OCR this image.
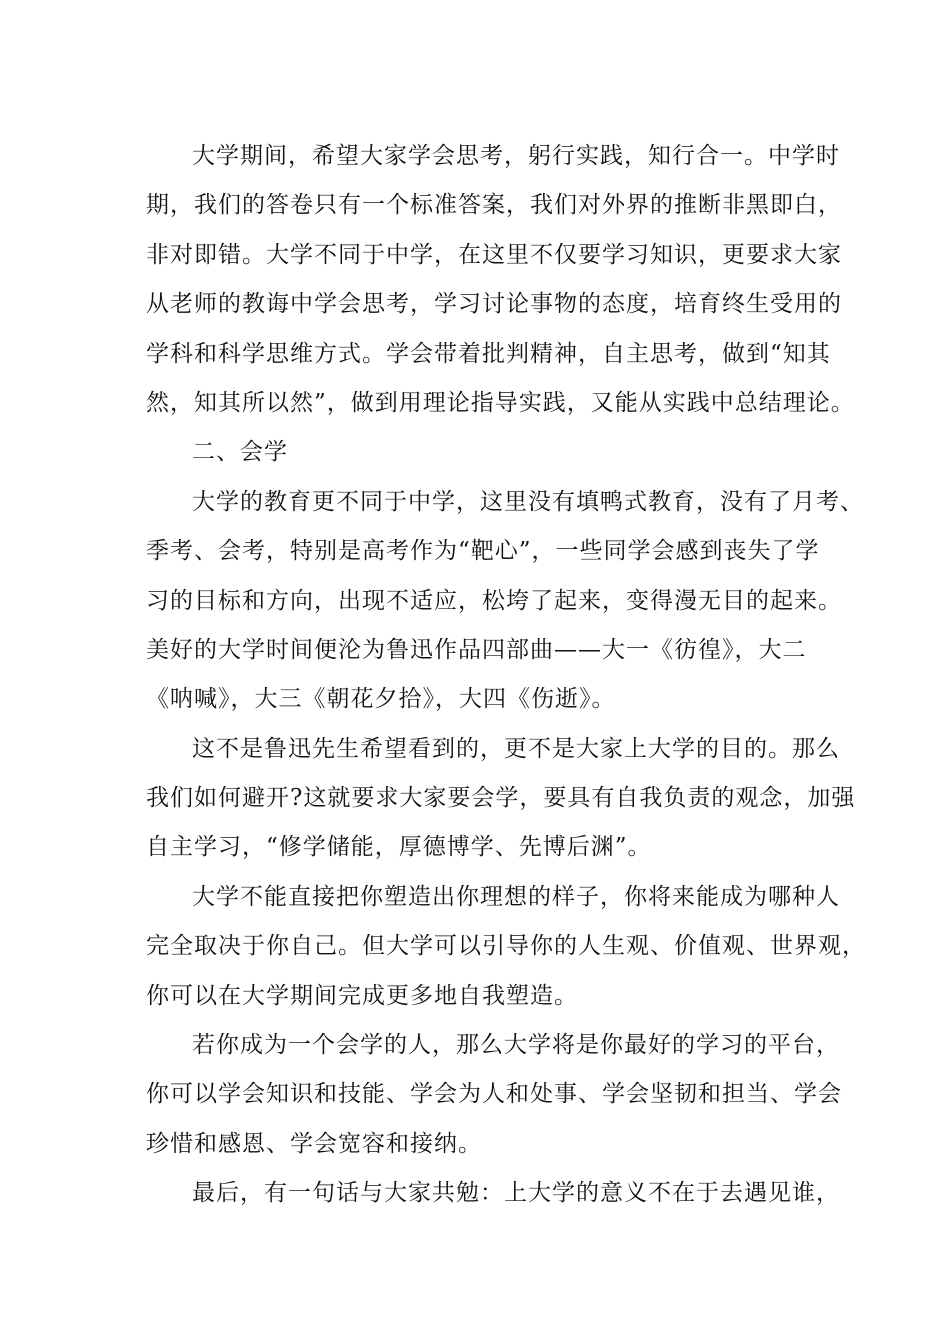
大学期间，希望大家学会思考，躬行实践，知行合一。中学时
期，我们的答卷只有一个标准答案，我们对外界的推断非黑即白，
非对即错。大学不同于中学，在这里不仅要学习知识，更要求大家
从老师的教诲中学会思考，学习讨论事物的态度，培育终生受用的
学科和科学思维方式。学会带着批判精神，自主思考，做到“知其
然，知其所以然”，做到用理论指导实践，又能从实践中总结理论。
二、会学
大学的教育更不同于中学，这里没有填鸭式教育，没有了月考、
季考、会考，特别是高考作为“靶心”，一些同学会感到丧失了学
习的目标和方向，出现不适应，松垮了起来，变得漫无目的起来。
美好的大学时间便沦为鲁迅作品四部曲——大一《彷徨》，大二
《呐喊》，大三《朝花夕拾》，大四《伤逝》。
这不是鲁迅先生希望看到的，更不是大家上大学的目的。那么
我们如何避开?这就要求大家要会学，要具有自我负责的观念，加强
自主学习，“修学储能，厚德博学、先博后渊”。
大学不能直接把你塑造出你理想的样子，你将来能成为哪种人
完全取决于你自己。但大学可以引导你的人生观、价值观、世界观，
你可以在大学期间完成更多地自我塑造。
若你成为一个会学的人，那么大学将是你最好的学习的平台，
你可以学会知识和技能、学会为人和处事、学会坚韧和担当、学会
珍惜和感恩、学会宽容和接纳。
最后，有一句话与大家共勉：上大学的意义不在于去遇见谁，
